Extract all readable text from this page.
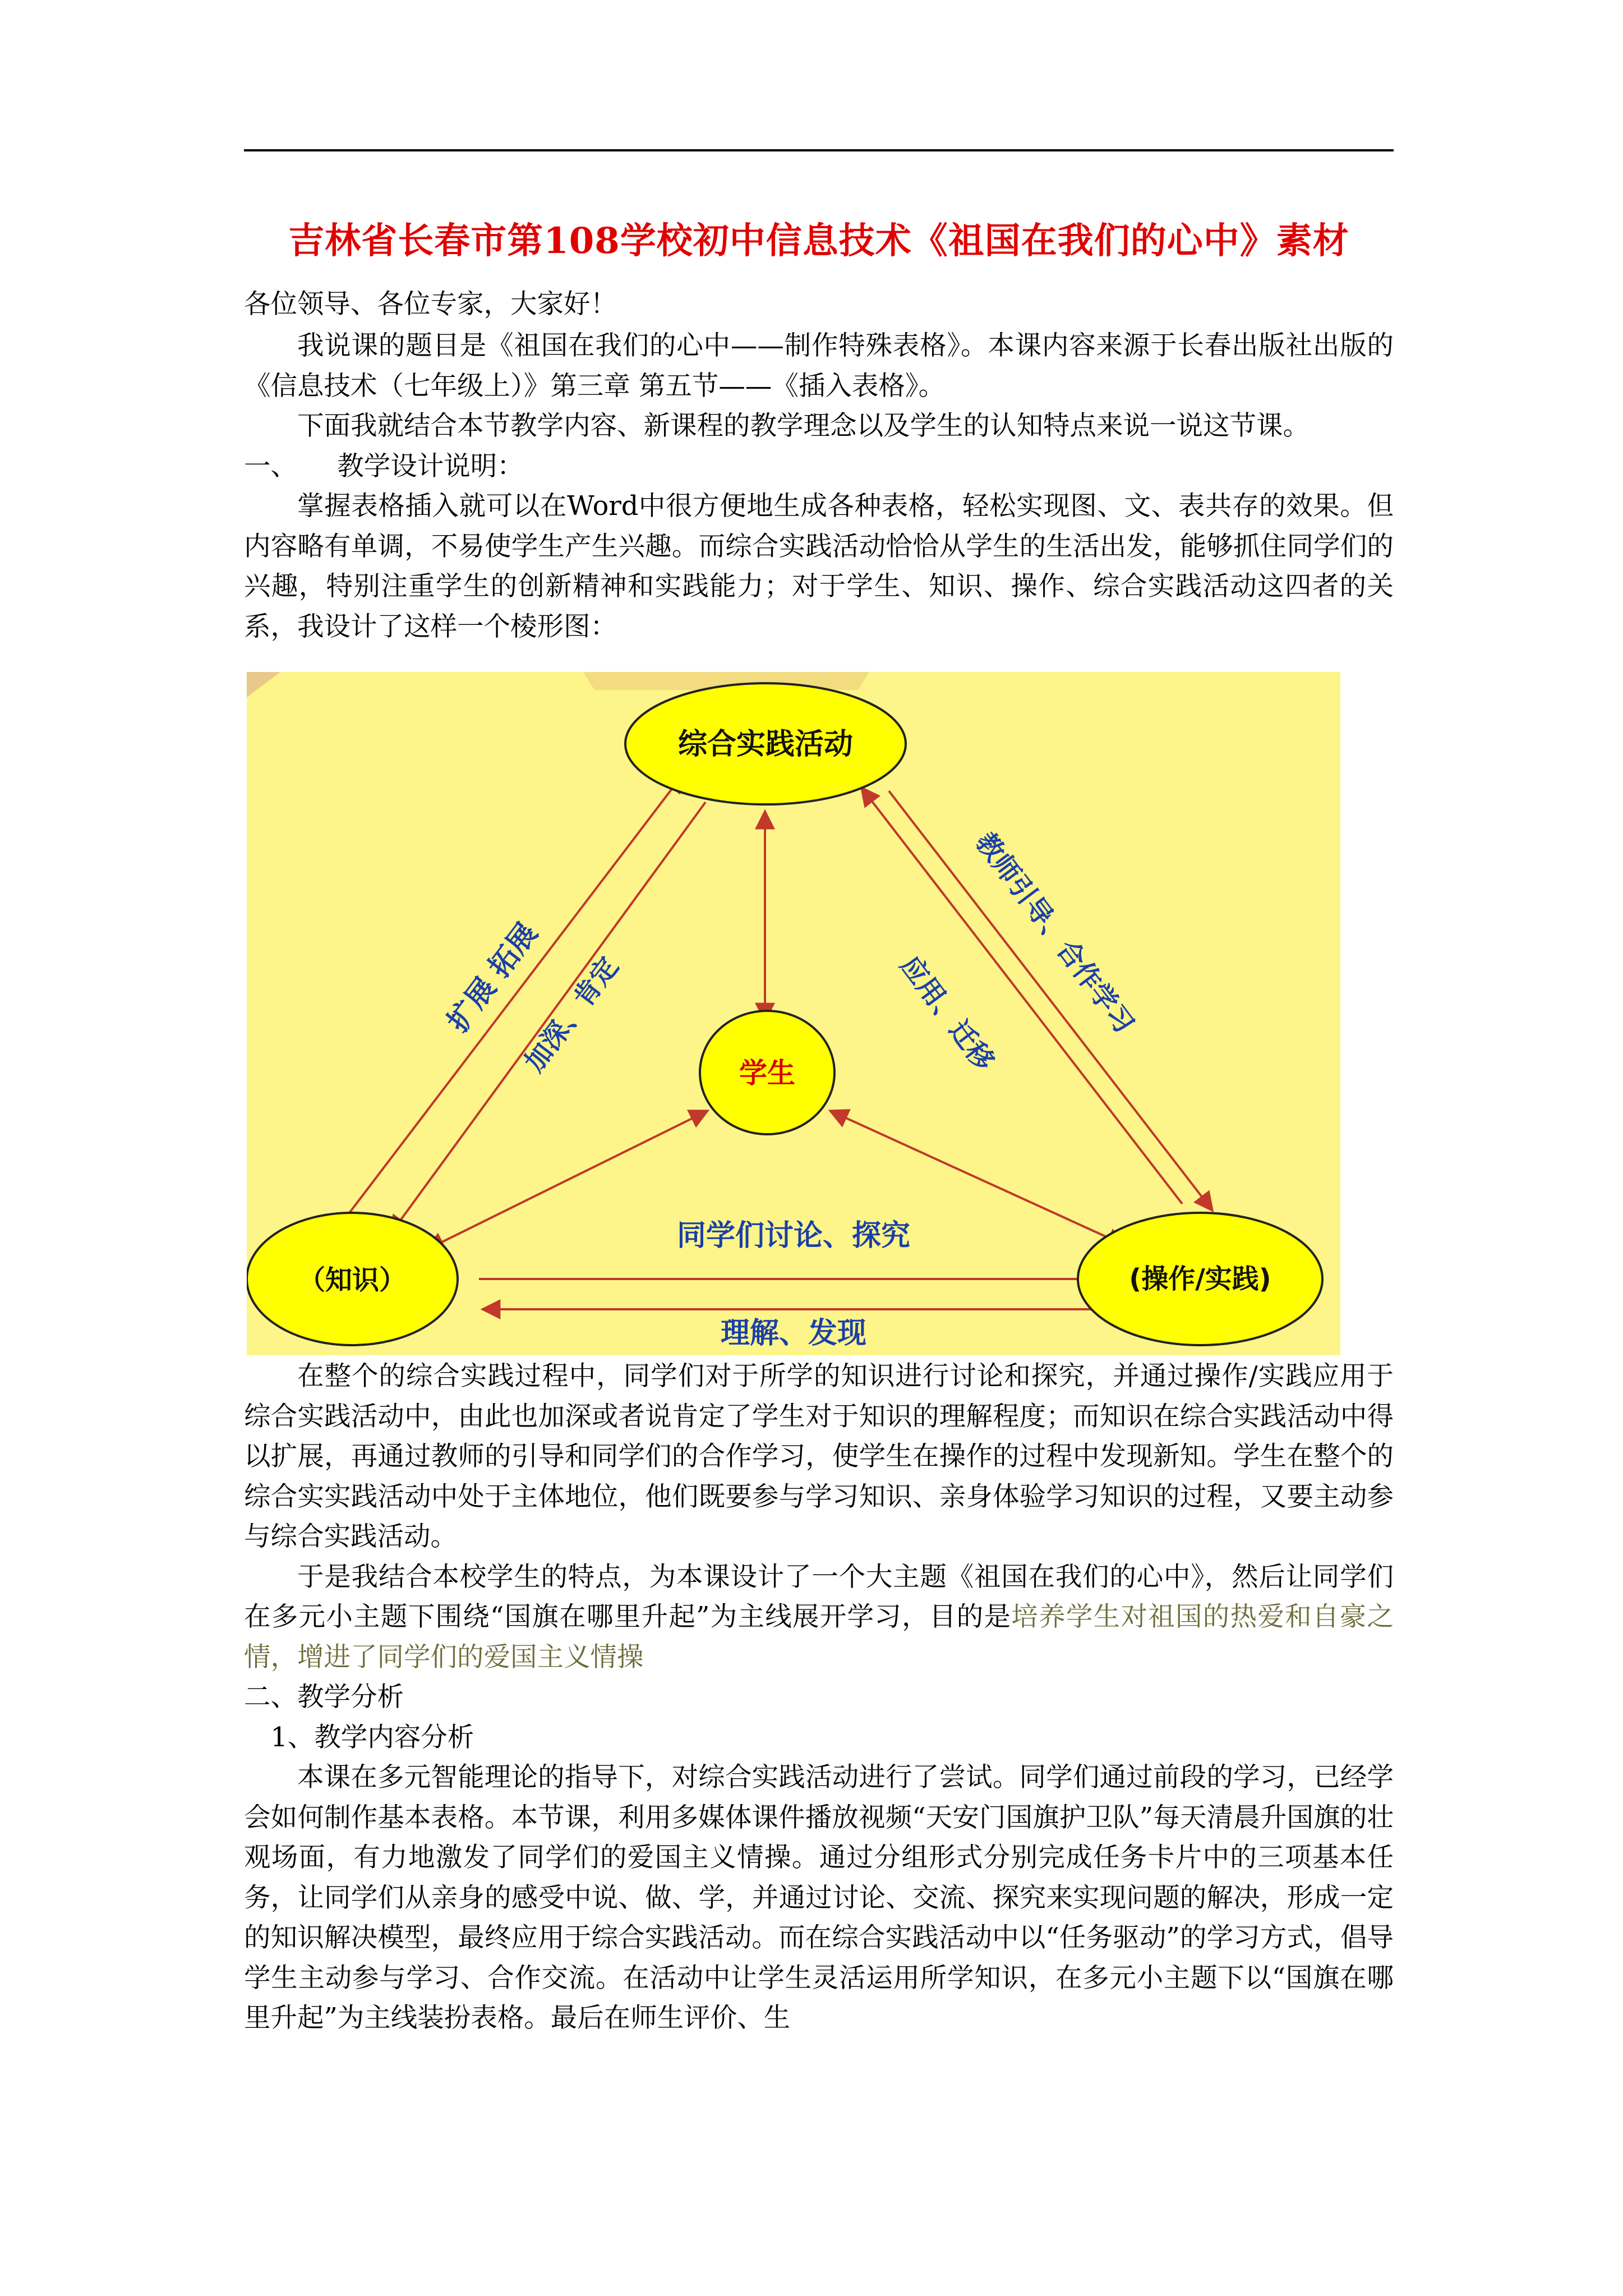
吉林省长春市第108学校初中信息技术《祖国在我们的心中》素材
各位领导、各位专家，大家好！
我说课的题目是《祖国在我们的心中——制作特殊表格》。本课内容来源于长春出版社出版的《信息技术（七年级上）》第三章 第五节——《插入表格》。
下面我就结合本节教学内容、新课程的教学理念以及学生的认知特点来说一说这节课。
一、　　教学设计说明：
掌握表格插入就可以在Word中很方便地生成各种表格，轻松实现图、文、表共存的效果。但内容略有单调，不易使学生产生兴趣。而综合实践活动恰恰从学生的生活出发，能够抓住同学们的兴趣，特别注重学生的创新精神和实践能力；对于学生、知识、操作、综合实践活动这四者的关系，我设计了这样一个棱形图：
综合实践活动
学生
（知识）	(操作/实践)
扩展 拓展
加深、肯定	应用、迁移
教师引导、合作学习
同学们讨论、探究
理解、发现
在整个的综合实践过程中，同学们对于所学的知识进行讨论和探究，并通过操作/实践应用于综合实践活动中，由此也加深或者说肯定了学生对于知识的理解程度；而知识在综合实践活动中得以扩展，再通过教师的引导和同学们的合作学习，使学生在操作的过程中发现新知。学生在整个的综合实实践活动中处于主体地位，他们既要参与学习知识、亲身体验学习知识的过程，又要主动参与综合实践活动。
于是我结合本校学生的特点，为本课设计了一个大主题《祖国在我们的心中》，然后让同学们在多元小主题下围绕“国旗在哪里升起”为主线展开学习，目的是培养学生对祖国的热爱和自豪之情，增进了同学们的爱国主义情操
二、教学分析
1、教学内容分析
本课在多元智能理论的指导下，对综合实践活动进行了尝试。同学们通过前段的学习，已经学会如何制作基本表格。本节课，利用多媒体课件播放视频“天安门国旗护卫队”每天清晨升国旗的壮观场面，有力地激发了同学们的爱国主义情操。通过分组形式分别完成任务卡片中的三项基本任务，让同学们从亲身的感受中说、做、学，并通过讨论、交流、探究来实现问题的解决，形成一定的知识解决模型，最终应用于综合实践活动。而在综合实践活动中以“任务驱动”的学习方式，倡导学生主动参与学习、合作交流。在活动中让学生灵活运用所学知识，在多元小主题下以“国旗在哪里升起”为主线装扮表格。最后在师生评价、生
